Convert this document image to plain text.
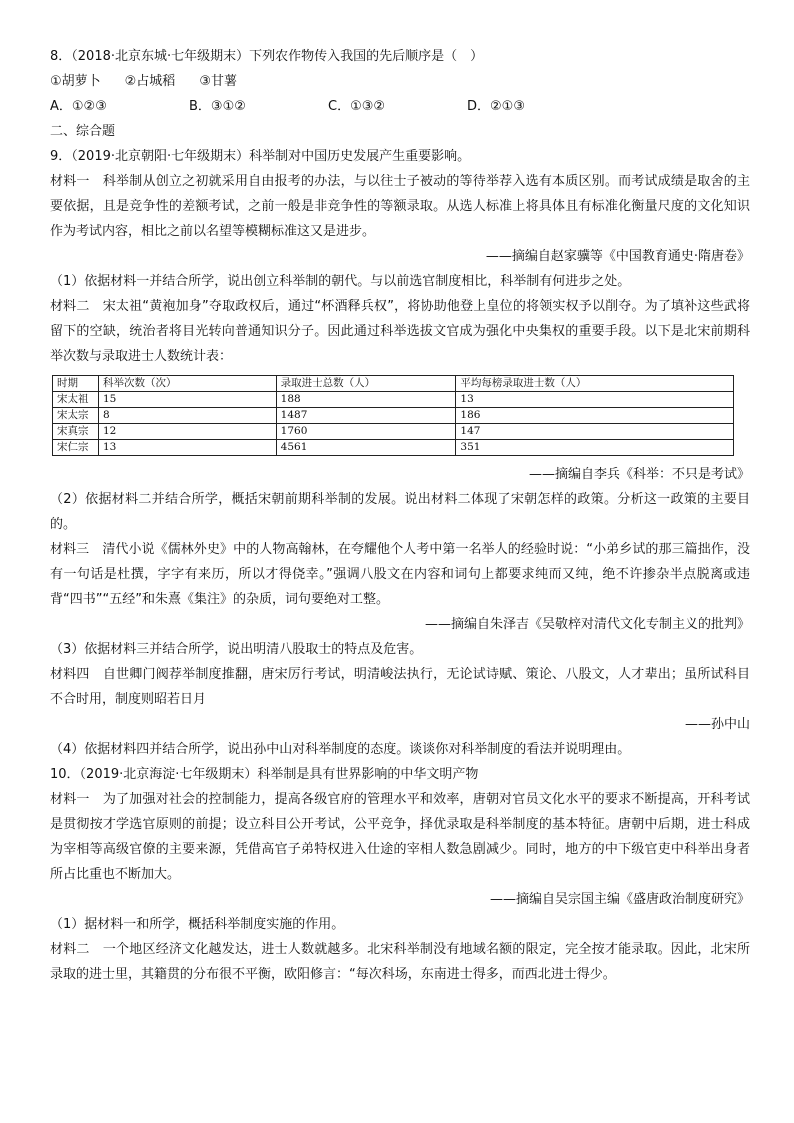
8．（2018·北京东城·七年级期末）下列农作物传入我国的先后顺序是（　）
①胡萝卜 ②占城稻 ③甘薯
A．①②③	B．③①②	C．①③②	D．②①③
二、综合题
9．（2019·北京朝阳·七年级期末）科举制对中国历史发展产生重要影响。
材料一　科举制从创立之初就采用自由报考的办法，与以往士子被动的等待举荐入选有本质区别。而考试成绩是取舍的主要依据，且是竞争性的差额考试，之前一般是非竞争性的等额录取。从选人标准上将具体且有标准化衡量尺度的文化知识作为考试内容，相比之前以名望等模糊标准这又是进步。
——摘编自赵家骥等《中国教育通史·隋唐卷》
（1）依据材料一并结合所学，说出创立科举制的朝代。与以前选官制度相比，科举制有何进步之处。
材料二　宋太祖“黄袍加身”夺取政权后，通过“杯酒释兵权”，将协助他登上皇位的将领实权予以削夺。为了填补这些武将留下的空缺，统治者将目光转向普通知识分子。因此通过科举选拔文官成为强化中央集权的重要手段。以下是北宋前期科举次数与录取进士人数统计表：
时期	科举次数（次）	录取进士总数（人）	平均每榜录取进士数（人）
宋太祖	15	188	13
宋太宗	8	1487	186
宋真宗	12	1760	147
宋仁宗	13	4561	351
——摘编自李兵《科举：不只是考试》
（2）依据材料二并结合所学，概括宋朝前期科举制的发展。说出材料二体现了宋朝怎样的政策。分析这一政策的主要目的。
材料三　清代小说《儒林外史》中的人物高翰林，在夸耀他个人考中第一名举人的经验时说：“小弟乡试的那三篇拙作，没有一句话是杜撰，字字有来历，所以才得侥幸。”强调八股文在内容和词句上都要求纯而又纯，绝不许掺杂半点脱离或违背“四书”“五经”和朱熹《集注》的杂质，词句要绝对工整。
——摘编自朱泽吉《吴敬梓对清代文化专制主义的批判》
（3）依据材料三并结合所学，说出明清八股取士的特点及危害。
材料四　自世卿门阀荐举制度推翻，唐宋厉行考试，明清峻法执行，无论试诗赋、策论、八股文，人才辈出；虽所试科目不合时用，制度则昭若日月
——孙中山
（4）依据材料四并结合所学，说出孙中山对科举制度的态度。谈谈你对科举制度的看法并说明理由。
10．（2019·北京海淀·七年级期末）科举制是具有世界影响的中华文明产物
材料一　为了加强对社会的控制能力，提高各级官府的管理水平和效率，唐朝对官员文化水平的要求不断提高，开科考试是贯彻按才学选官原则的前提；设立科目公开考试，公平竞争，择优录取是科举制度的基本特征。唐朝中后期，进士科成为宰相等高级官僚的主要来源，凭借高官子弟特权进入仕途的宰相人数急剧减少。同时，地方的中下级官吏中科举出身者所占比重也不断加大。
——摘编自吴宗国主编《盛唐政治制度研究》
（1）据材料一和所学，概括科举制度实施的作用。
材料二　一个地区经济文化越发达，进士人数就越多。北宋科举制没有地域名额的限定，完全按才能录取。因此，北宋所录取的进士里，其籍贯的分布很不平衡，欧阳修言：“每次科场，东南进士得多，而西北进士得少。
